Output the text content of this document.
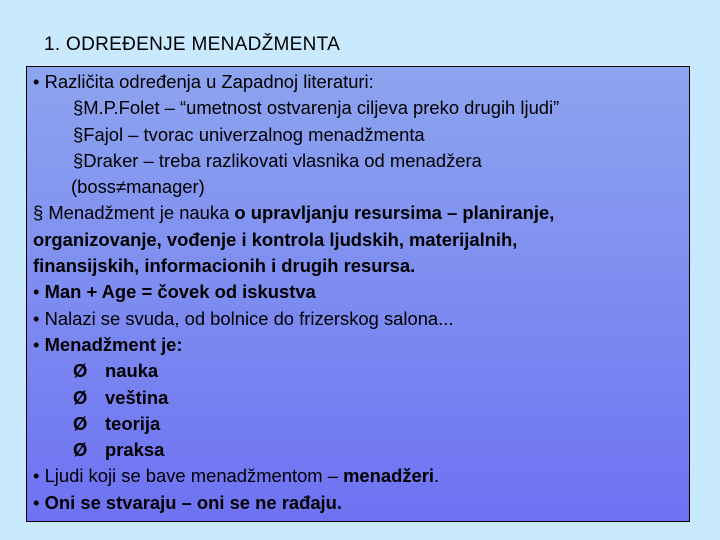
1. ODREĐENJE MENADŽMENTA
• Različita određenja u Zapadnoj literaturi:
§M.P.Folet – “umetnost ostvarenja ciljeva preko drugih ljudi”
§Fajol – tvorac univerzalnog menadžmenta
§Draker – treba razlikovati vlasnika od menadžera
(boss≠manager)
§ Menadžment je nauka o upravljanju resursima – planiranje,
organizovanje, vođenje i kontrola ljudskih, materijalnih,
finansijskih, informacionih i drugih resursa.
• Man + Age = čovek od iskustva
• Nalazi se svuda, od bolnice do frizerskog salona...
• Menadžment je:
Ø nauka
Ø veština
Ø teorija
Ø praksa
• Ljudi koji se bave menadžmentom – menadžeri.
• Oni se stvaraju – oni se ne rađaju.
